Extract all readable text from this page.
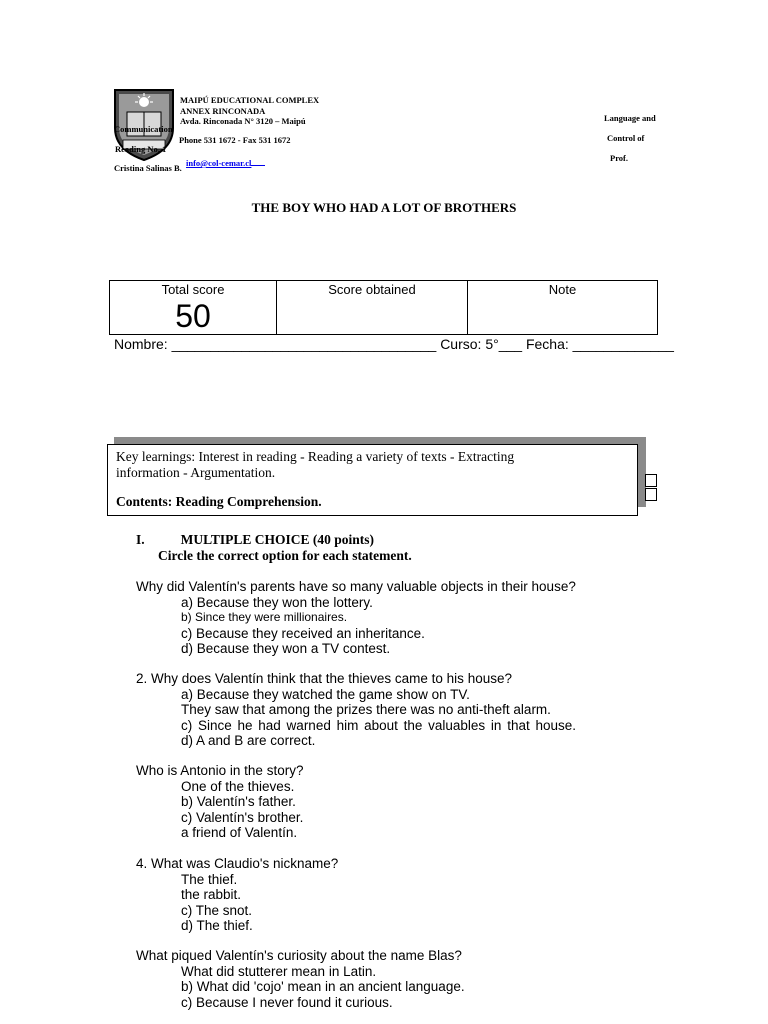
MAIPÚ EDUCATIONAL COMPLEX
ANNEX RINCONADA
Avda. Rinconada N° 3120 – Maipú
Phone 531 1672 - Fax 531 1672
info@col-cemar.cl
Communication
Reading No. 1
Cristina Salinas B.
Language and
Control of
Prof.
THE BOY WHO HAD A LOT OF BROTHERS
Total score
50
Score obtained	Note
Nombre: __________________________________ Curso: 5°___ Fecha: _____________
Key learnings: Interest in reading - Reading a variety of texts - Extracting
information - Argumentation.
Contents: Reading Comprehension.
I.	MULTIPLE CHOICE (40 points)
Circle the correct option for each statement.
Why did Valentín's parents have so many valuable objects in their house?
a) Because they won the lottery.
b) Since they were millionaires.
c) Because they received an inheritance.
d) Because they won a TV contest.
2. Why does Valentín think that the thieves came to his house?
a) Because they watched the game show on TV.
They saw that among the prizes there was no anti-theft alarm.
c) Since he had warned him about the valuables in that house.
d) A and B are correct.
Who is Antonio in the story?
One of the thieves.
b) Valentín's father.
c) Valentín's brother.
a friend of Valentín.
4. What was Claudio's nickname?
The thief.
the rabbit.
c) The snot.
d) The thief.
What piqued Valentín's curiosity about the name Blas?
What did stutterer mean in Latin.
b) What did 'cojo' mean in an ancient language.
c) Because I never found it curious.
